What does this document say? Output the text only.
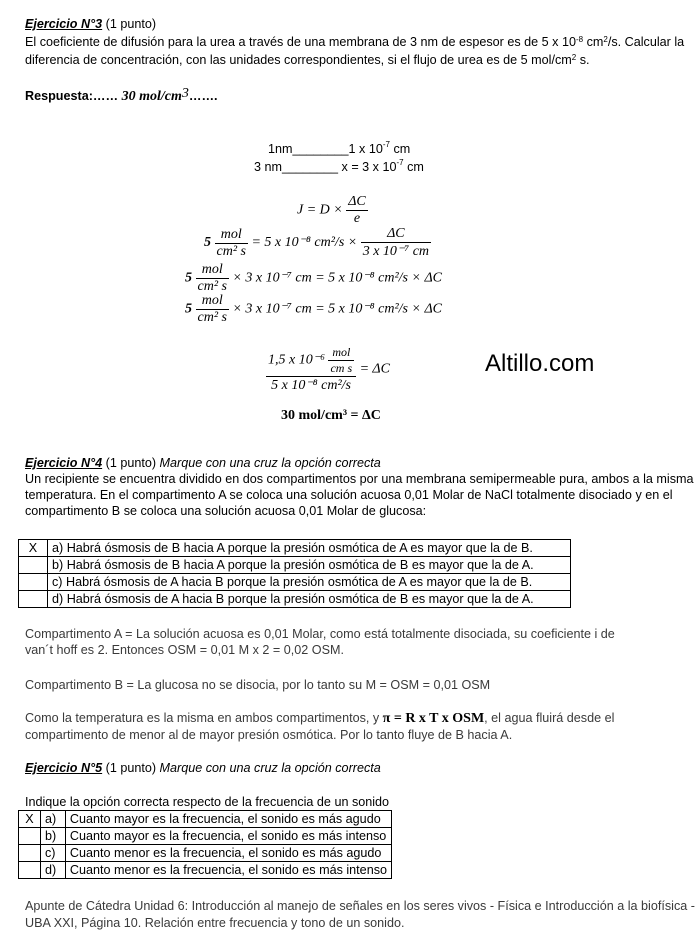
Ejercicio N°3 (1 punto)
El coeficiente de difusión para la urea a través de una membrana de 3 nm de espesor es de 5 x $10^{-8}$ $cm^2/s$. Calcular la
diferencia de concentración, con las unidades correspondientes, si el flujo de urea es de 5 mol/$cm^2$ s.
Respuesta:…… 30 mol/$cm^3\dots\dots$.
1nm________1 x $10^{-7}$ cm
3 nm________ x = 3 x $10^{-7}$ cm
$J = D \times \frac{\Delta C}{e}$
$5 \frac{\text{mol}}{\text{cm² s}} = 5$ x 10⁻⁸ $cm^2/s \times \frac{\Delta C}{\text{3 x 10⁻⁷ cm}}$
$5 \frac{\text{mol}}{\text{cm² s}} \times 3$ x 10⁻⁷ cm = 5 x 10⁻⁸ cm²/s × ΔC
$5 \frac{\text{mol}}{\text{cm² s}} \times 3$ x 10⁻⁷ cm = 5 x 10⁻⁸ cm²/s × ΔC
$\frac{1,5 x 10^{-6} \frac{\text{mol}}{\text{cm s}}}{\text{5 x 10⁻⁸ cm²/s}} = \Delta C$
30 mol/cm³ = ΔC
Altillo.com
Ejercicio N°4 (1 punto) Marque con una cruz la opción correcta
Un recipiente se encuentra dividido en dos compartimentos por una membrana semipermeable pura, ambos a la misma
temperatura. En el compartimento A se coloca una solución acuosa 0,01 Molar de NaCl totalmente disociado y en el
compartimento B se coloca una solución acuosa 0,01 Molar de glucosa:
X	a) Habrá ósmosis de B hacia A porque la presión osmótica de A es mayor que la de B.
	b) Habrá ósmosis de B hacia A porque la presión osmótica de B es mayor que la de A.
	c) Habrá ósmosis de A hacia B porque la presión osmótica de A es mayor que la de B.
	d) Habrá ósmosis de A hacia B porque la presión osmótica de B es mayor que la de A.
Compartimento A = La solución acuosa es 0,01 Molar, como está totalmente disociada, su coeficiente i de
van´t hoff es 2. Entonces OSM = 0,01 M x 2 = 0,02 OSM.
Compartimento B = La glucosa no se disocia, por lo tanto su M = OSM = 0,01 OSM
Como la temperatura es la misma en ambos compartimentos, y π = R x T x OSM, el agua fluirá desde el
compartimento de menor al de mayor presión osmótica. Por lo tanto fluye de B hacia A.
Ejercicio N°5 (1 punto) Marque con una cruz la opción correcta
Indique la opción correcta respecto de la frecuencia de un sonido
X	a)	Cuanto mayor es la frecuencia, el sonido es más agudo
	b)	Cuanto mayor es la frecuencia, el sonido es más intenso
	c)	Cuanto menor es la frecuencia, el sonido es más agudo
	d)	Cuanto menor es la frecuencia, el sonido es más intenso
Apunte de Cátedra Unidad 6: Introducción al manejo de señales en los seres vivos - Física e Introducción a la biofísica -
UBA XXI, Página 10. Relación entre frecuencia y tono de un sonido.
